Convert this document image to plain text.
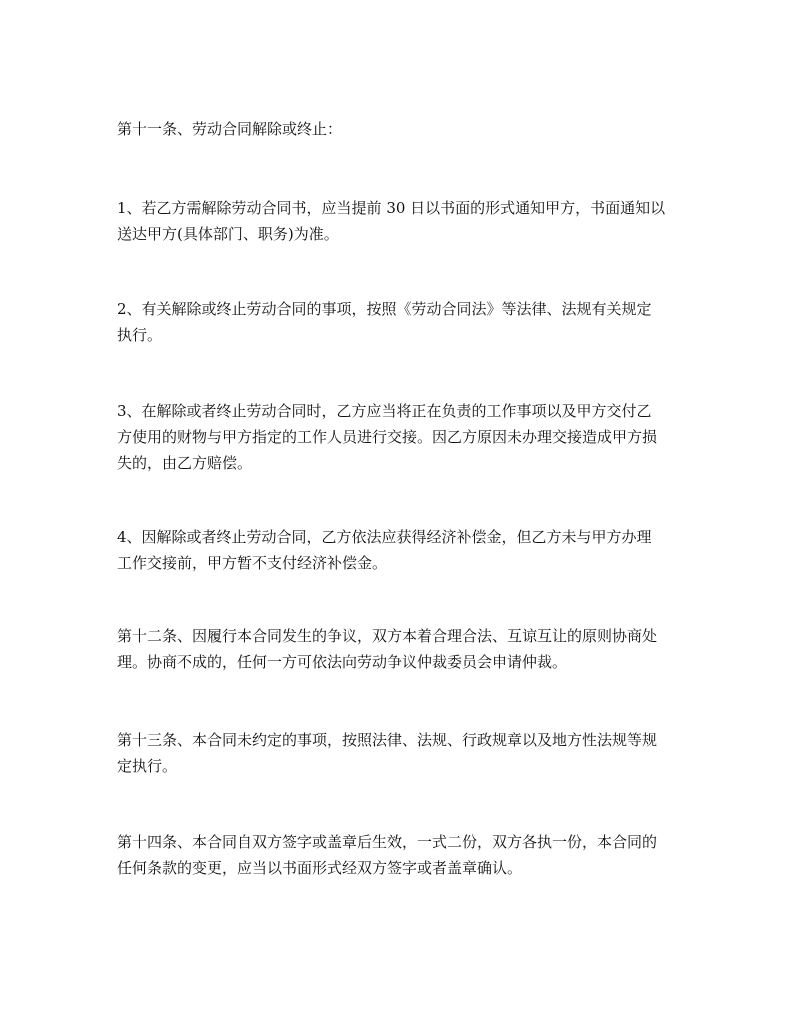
第十一条、劳动合同解除或终止：

1、若乙方需解除劳动合同书，应当提前 30 日以书面的形式通知甲方，书面通知以
送达甲方(具体部门、职务)为准。

2、有关解除或终止劳动合同的事项，按照《劳动合同法》等法律、法规有关规定
执行。

3、在解除或者终止劳动合同时，乙方应当将正在负责的工作事项以及甲方交付乙
方使用的财物与甲方指定的工作人员进行交接。因乙方原因未办理交接造成甲方损
失的，由乙方赔偿。

4、因解除或者终止劳动合同，乙方依法应获得经济补偿金，但乙方未与甲方办理
工作交接前，甲方暂不支付经济补偿金。

第十二条、因履行本合同发生的争议，双方本着合理合法、互谅互让的原则协商处
理。协商不成的，任何一方可依法向劳动争议仲裁委员会申请仲裁。

第十三条、本合同未约定的事项，按照法律、法规、行政规章以及地方性法规等规
定执行。

第十四条、本合同自双方签字或盖章后生效，一式二份，双方各执一份，本合同的
任何条款的变更，应当以书面形式经双方签字或者盖章确认。
